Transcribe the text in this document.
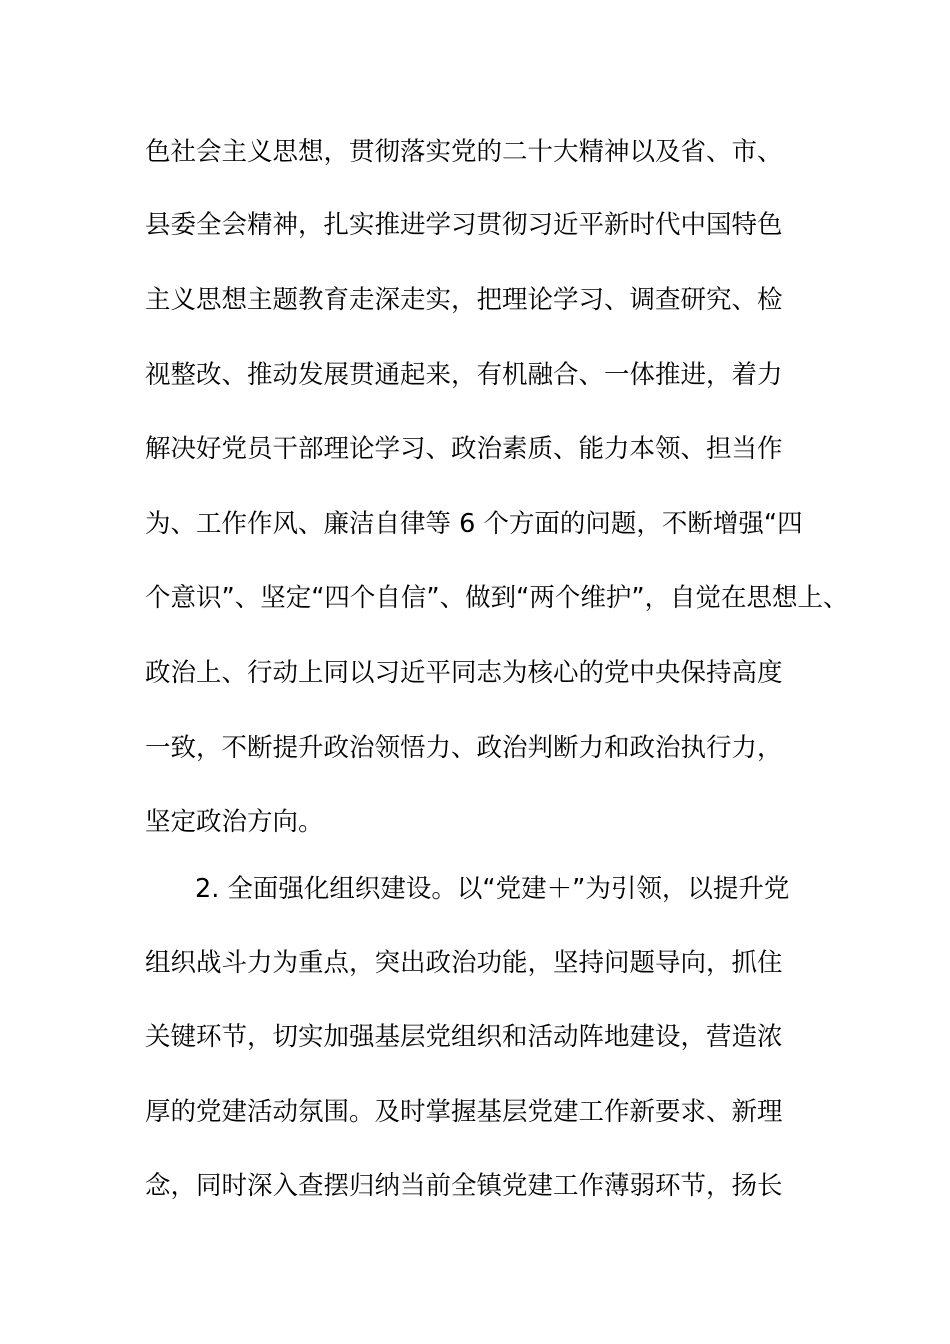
色社会主义思想，贯彻落实党的二十大精神以及省、市、
县委全会精神，扎实推进学习贯彻习近平新时代中国特色
主义思想主题教育走深走实，把理论学习、调查研究、检
视整改、推动发展贯通起来，有机融合、一体推进，着力
解决好党员干部理论学习、政治素质、能力本领、担当作
为、工作作风、廉洁自律等 6 个方面的问题，不断增强“四
个意识”、坚定“四个自信”、做到“两个维护”，自觉在思想上、
政治上、行动上同以习近平同志为核心的党中央保持高度
一致，不断提升政治领悟力、政治判断力和政治执行力，
坚定政治方向。
2. 全面强化组织建设。以“党建＋”为引领，以提升党
组织战斗力为重点，突出政治功能，坚持问题导向，抓住
关键环节，切实加强基层党组织和活动阵地建设，营造浓
厚的党建活动氛围。及时掌握基层党建工作新要求、新理
念，同时深入查摆归纳当前全镇党建工作薄弱环节，扬长
